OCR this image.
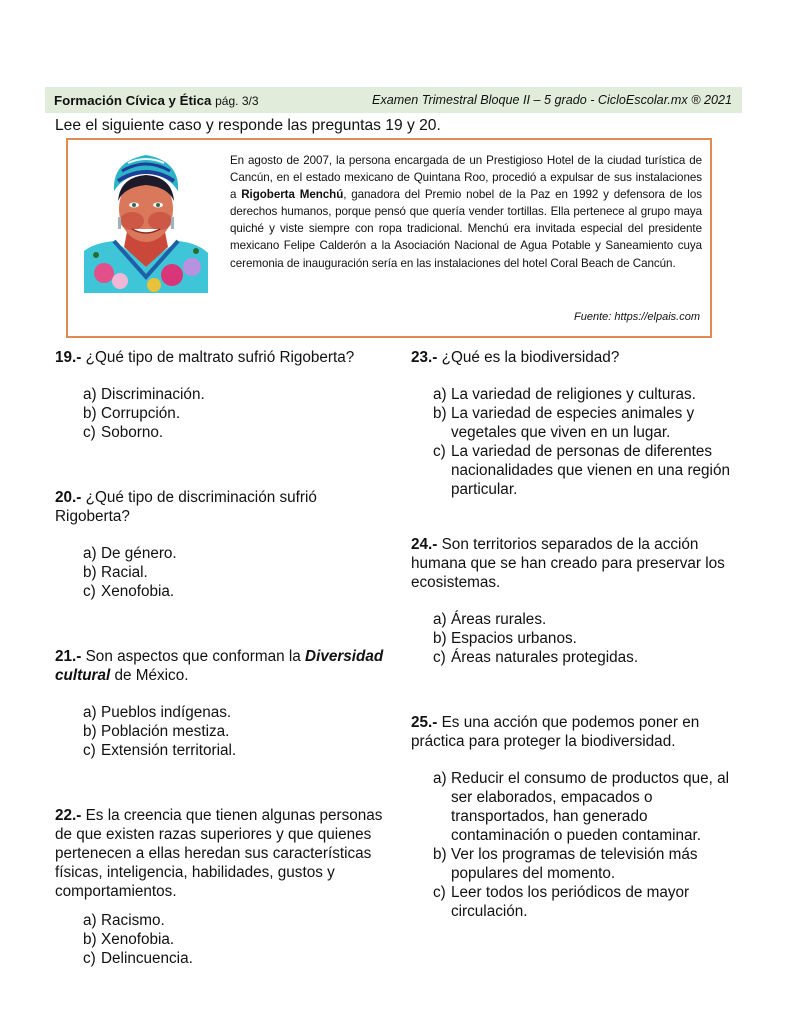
Formación Cívica y Ética pág. 3/3	Examen Trimestral Bloque II – 5 grado - CicloEscolar.mx ® 2021
Lee el siguiente caso y responde las preguntas 19 y 20.
En agosto de 2007, la persona encargada de un Prestigioso Hotel de la ciudad turística de Cancún, en el estado mexicano de Quintana Roo, procedió a expulsar de sus instalaciones a Rigoberta Menchú, ganadora del Premio nobel de la Paz en 1992 y defensora de los derechos humanos, porque pensó que quería vender tortillas. Ella pertenece al grupo maya quiché y viste siempre con ropa tradicional. Menchú era invitada especial del presidente mexicano Felipe Calderón a la Asociación Nacional de Agua Potable y Saneamiento cuya ceremonia de inauguración sería en las instalaciones del hotel Coral Beach de Cancún.
Fuente: https://elpais.com
19.- ¿Qué tipo de maltrato sufrió Rigoberta?
a) Discriminación.
b) Corrupción.
c) Soborno.
20.- ¿Qué tipo de discriminación sufrió Rigoberta?
a) De género.
b) Racial.
c) Xenofobia.
21.- Son aspectos que conforman la Diversidad cultural de México.
a) Pueblos indígenas.
b) Población mestiza.
c) Extensión territorial.
22.- Es la creencia que tienen algunas personas de que existen razas superiores y que quienes pertenecen a ellas heredan sus características físicas, inteligencia, habilidades, gustos y comportamientos.
a) Racismo.
b) Xenofobia.
c) Delincuencia.
23.- ¿Qué es la biodiversidad?
a) La variedad de religiones y culturas.
b) La variedad de especies animales y vegetales que viven en un lugar.
c) La variedad de personas de diferentes nacionalidades que vienen en una región particular.
24.- Son territorios separados de la acción humana que se han creado para preservar los ecosistemas.
a) Áreas rurales.
b) Espacios urbanos.
c) Áreas naturales protegidas.
25.- Es una acción que podemos poner en práctica para proteger la biodiversidad.
a) Reducir el consumo de productos que, al ser elaborados, empacados o transportados, han generado contaminación o pueden contaminar.
b) Ver los programas de televisión más populares del momento.
c) Leer todos los periódicos de mayor circulación.
